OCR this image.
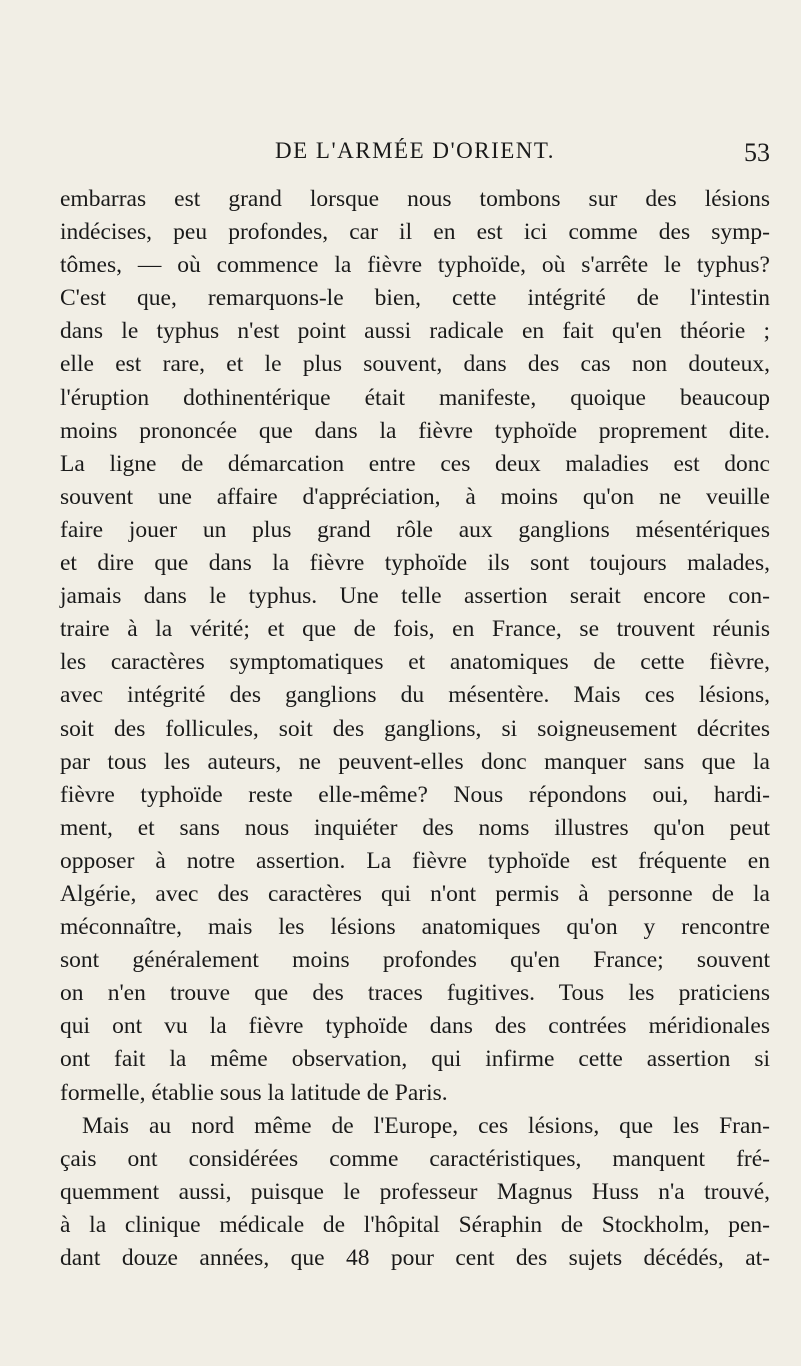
DE L'ARMÉE D'ORIENT.	53
embarras est grand lorsque nous tombons sur des lésions
indécises, peu profondes, car il en est ici comme des symp-
tômes, — où commence la fièvre typhoïde, où s'arrête le typhus?
C'est que, remarquons-le bien, cette intégrité de l'intestin
dans le typhus n'est point aussi radicale en fait qu'en théorie ;
elle est rare, et le plus souvent, dans des cas non douteux,
l'éruption dothinentérique était manifeste, quoique beaucoup
moins prononcée que dans la fièvre typhoïde proprement dite.
La ligne de démarcation entre ces deux maladies est donc
souvent une affaire d'appréciation, à moins qu'on ne veuille
faire jouer un plus grand rôle aux ganglions mésentériques
et dire que dans la fièvre typhoïde ils sont toujours malades,
jamais dans le typhus. Une telle assertion serait encore con-
traire à la vérité; et que de fois, en France, se trouvent réunis
les caractères symptomatiques et anatomiques de cette fièvre,
avec intégrité des ganglions du mésentère. Mais ces lésions,
soit des follicules, soit des ganglions, si soigneusement décrites
par tous les auteurs, ne peuvent-elles donc manquer sans que la
fièvre typhoïde reste elle-même? Nous répondons oui, hardi-
ment, et sans nous inquiéter des noms illustres qu'on peut
opposer à notre assertion. La fièvre typhoïde est fréquente en
Algérie, avec des caractères qui n'ont permis à personne de la
méconnaître, mais les lésions anatomiques qu'on y rencontre
sont généralement moins profondes qu'en France; souvent
on n'en trouve que des traces fugitives. Tous les praticiens
qui ont vu la fièvre typhoïde dans des contrées méridionales
ont fait la même observation, qui infirme cette assertion si
formelle, établie sous la latitude de Paris.
Mais au nord même de l'Europe, ces lésions, que les Fran-
çais ont considérées comme caractéristiques, manquent fré-
quemment aussi, puisque le professeur Magnus Huss n'a trouvé,
à la clinique médicale de l'hôpital Séraphin de Stockholm, pen-
dant douze années, que 48 pour cent des sujets décédés, at-
